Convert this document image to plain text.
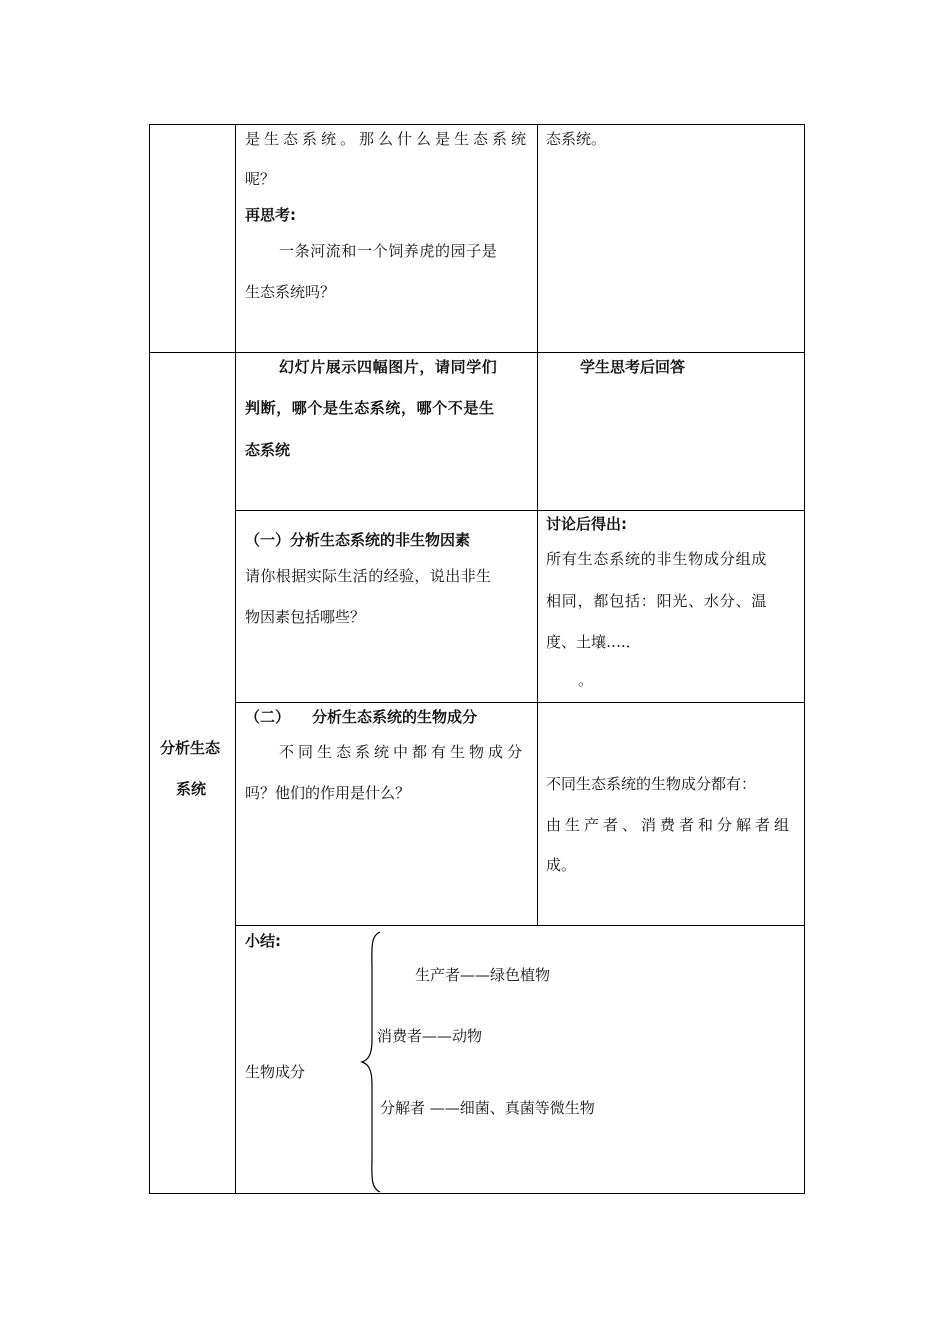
是生态系统。那么什么是生态系统
呢？
再思考:
一条河流和一个饲养虎的园子是
生态系统吗？
态系统。
分析生态
系统
幻灯片展示四幅图片，请同学们
判断，哪个是生态系统，哪个不是生
态系统
学生思考后回答
（一）分析生态系统的非生物因素
请你根据实际生活的经验，说出非生
物因素包括哪些？
讨论后得出:
所有生态系统的非生物成分组成
相同，都包括：阳光、水分、温
度、土壤….．
。
（二） 分析生态系统的生物成分
不同生态系统中都有生物成分
吗？他们的作用是什么？	不同生态系统的生物成分都有：
由生产者、消费者和分解者组
成。
小结:
生物成分
生产者——绿色植物
消费者——动物
分解者 ——细菌、真菌等微生物
